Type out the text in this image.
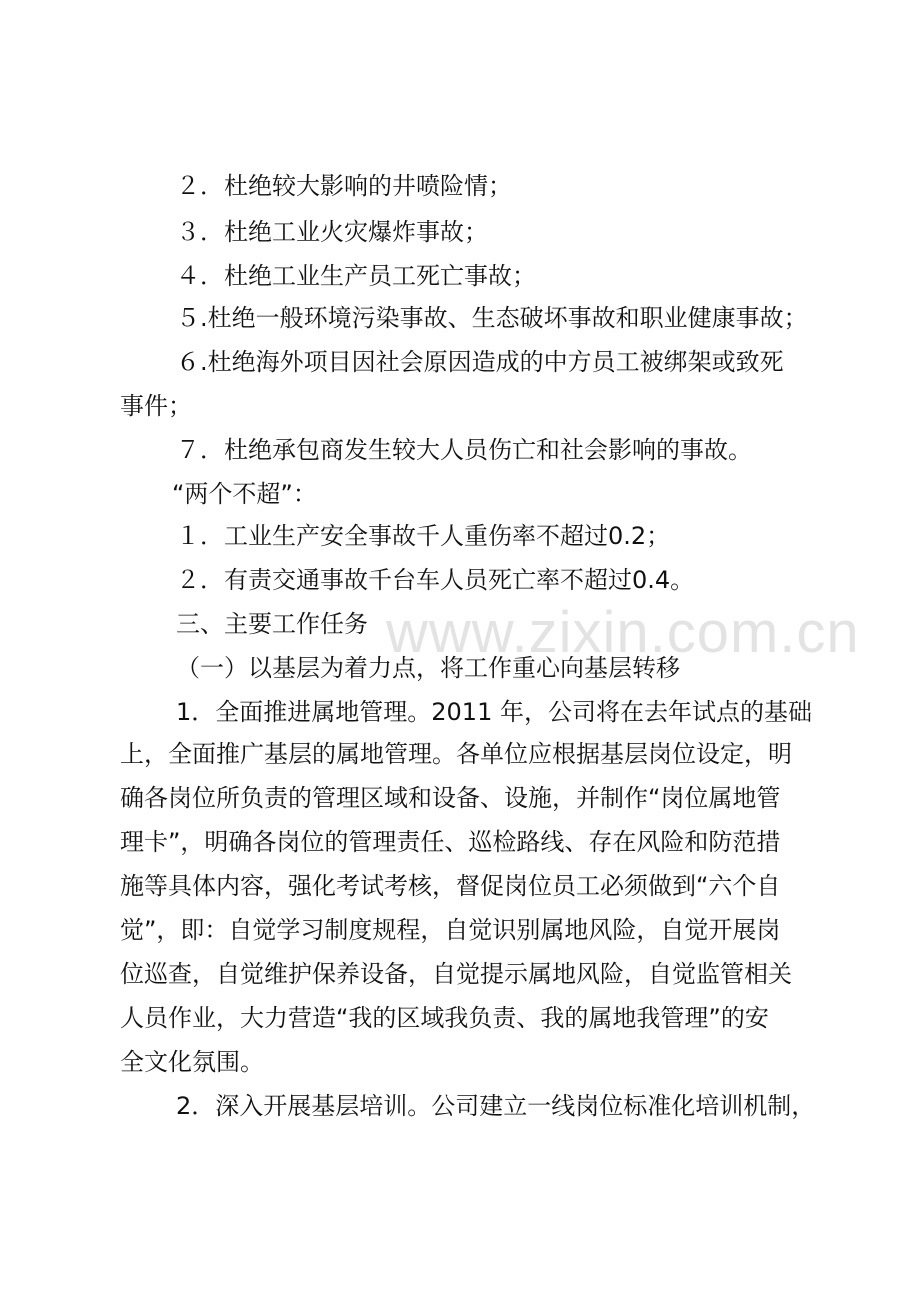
www.zixin.com.cn
２．杜绝较大影响的井喷险情；
３．杜绝工业火灾爆炸事故；
４．杜绝工业生产员工死亡事故；
５.杜绝一般环境污染事故、生态破坏事故和职业健康事故；
６.杜绝海外项目因社会原因造成的中方员工被绑架或致死
事件；
７．杜绝承包商发生较大人员伤亡和社会影响的事故。
“两个不超”：
１．工业生产安全事故千人重伤率不超过0.2；
２．有责交通事故千台车人员死亡率不超过0.4。
三、主要工作任务
（一）以基层为着力点，将工作重心向基层转移
1．全面推进属地管理。2011 年，公司将在去年试点的基础
上，全面推广基层的属地管理。各单位应根据基层岗位设定，明
确各岗位所负责的管理区域和设备、设施，并制作“岗位属地管
理卡”，明确各岗位的管理责任、巡检路线、存在风险和防范措
施等具体内容，强化考试考核，督促岗位员工必须做到“六个自
觉”，即：自觉学习制度规程，自觉识别属地风险，自觉开展岗
位巡查，自觉维护保养设备，自觉提示属地风险，自觉监管相关
人员作业，大力营造“我的区域我负责、我的属地我管理”的安
全文化氛围。
2．深入开展基层培训。公司建立一线岗位标准化培训机制，
